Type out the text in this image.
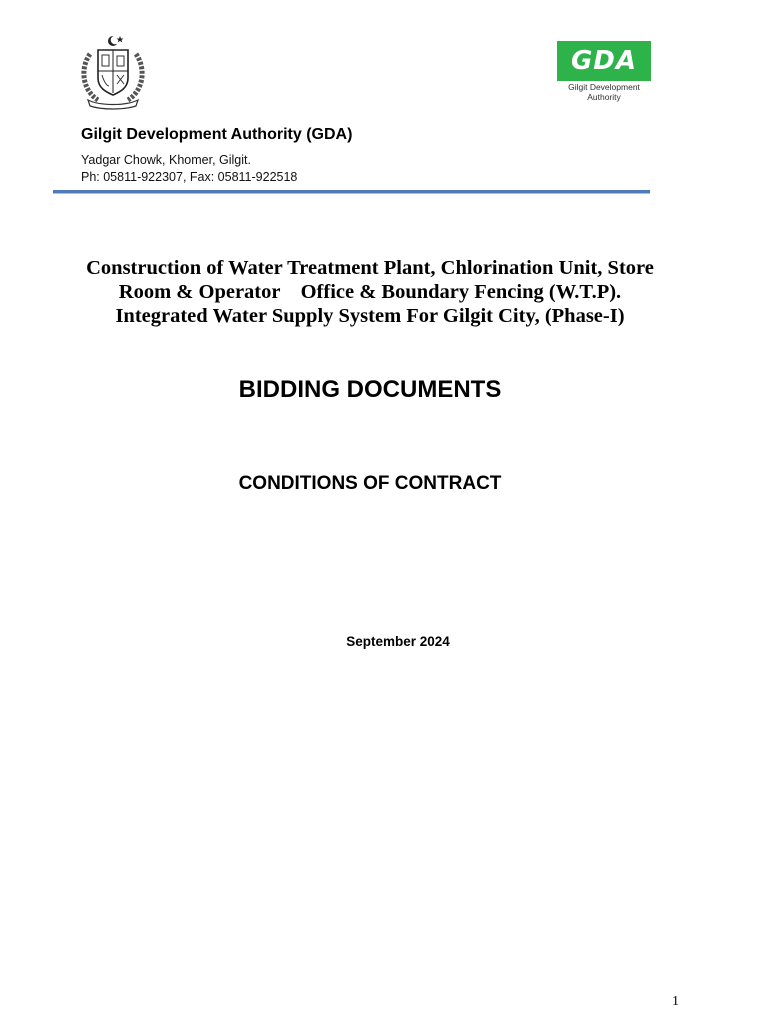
GDA
Gilgit Development
Authority
Gilgit Development Authority (GDA)
Yadgar Chowk, Khomer, Gilgit.
Ph: 05811-922307, Fax: 05811-922518
Construction of Water Treatment Plant, Chlorination Unit, Store
Room & Operator    Office & Boundary Fencing (W.T.P).
Integrated Water Supply System For Gilgit City, (Phase-I)
BIDDING DOCUMENTS
CONDITIONS OF CONTRACT
September 2024
1
